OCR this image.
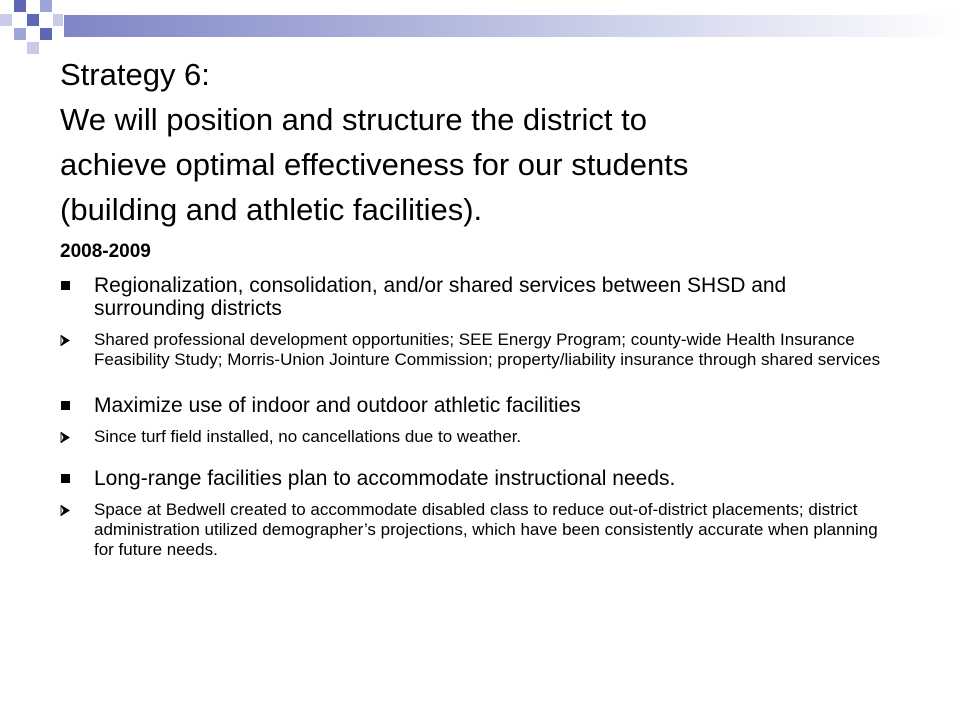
Strategy 6:
We will position and structure the district to
achieve optimal effectiveness for our students
(building and athletic facilities).
2008-2009
Regionalization, consolidation, and/or shared services between SHSD and surrounding districts
Shared professional development opportunities; SEE Energy Program; county-wide Health Insurance Feasibility Study; Morris-Union Jointure Commission; property/liability insurance through shared services
Maximize use of indoor and outdoor athletic facilities
Since turf field installed, no cancellations due to weather.
Long-range facilities plan to accommodate instructional needs.
Space at Bedwell created to accommodate disabled class to reduce out-of-district placements; district administration utilized demographer’s projections, which have been consistently accurate when planning for future needs.
